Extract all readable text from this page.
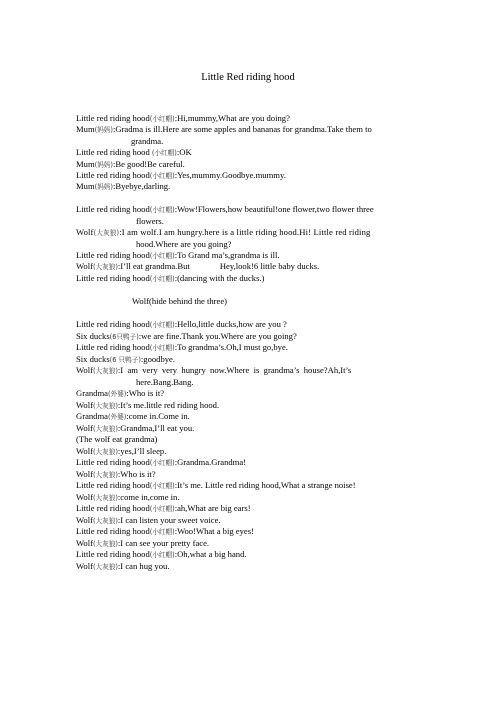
Little Red riding hood
Little red riding hood(小红帽):Hi,mummy,What are you doing?
Mum(妈妈):Gradma is ill.Here are some apples and bananas for grandma.Take them to
grandma.
Little red riding hood (小红帽):OK
Mum(妈妈):Be good!Be careful.
Little red riding hood(小红帽):Yes,mummy.Goodbye.mummy.
Mum(妈妈):Byebye,darling.
Little red riding hood(小红帽):Wow!Flowers,how beautiful!one flower,two flower three
flowers.
Wolf(大灰狼):I am wolf.I am hungry.here is a little riding hood.Hi! Little red riding
hood.Where are you going?
Little red riding hood(小红帽):To Grand ma’s,grandma is ill.
Wolf(大灰狼):I’ll eat grandma.But              Hey,look!6 little baby ducks.
Little red riding hood(小红帽):(dancing with the ducks.)
Wolf(hide behind the three)
Little red riding hood(小红帽):Hello,little ducks,how are you ?
Six ducks(6只鸭子):we are fine.Thank you.Where are you going?
Little red riding hood(小红帽):To grandma’s.Oh,I must go,bye.
Six ducks(6 只鸭子):goodbye.
Wolf(大灰狼):I  am  very  very  hungry  now.Where  is  grandma’s  house?Ah,It’s
here.Bang.Bang.
Grandma(外婆):Who is it?
Wolf(大灰狼):It’s me.little red riding hood.
Grandma(外婆):come in.Come in.
Wolf(大灰狼):Grandma,I’ll eat you.
(The wolf eat grandma)
Wolf(大灰狼):yes,I’ll sleep.
Little red riding hood(小红帽):Grandma.Grandma!
Wolf(大灰狼):Who is it?
Little red riding hood(小红帽):It’s me. Little red riding hood,What a strange noise!
Wolf(大灰狼):come in,come in.
Little red riding hood(小红帽):ah,What are big ears!
Wolf(大灰狼):I can listen your sweet voice.
Little red riding hood(小红帽):Woo!What a big eyes!
Wolf(大灰狼):I can see your pretty face.
Little red riding hood(小红帽):Oh,what a big hand.
Wolf(大灰狼):I can hug you.
